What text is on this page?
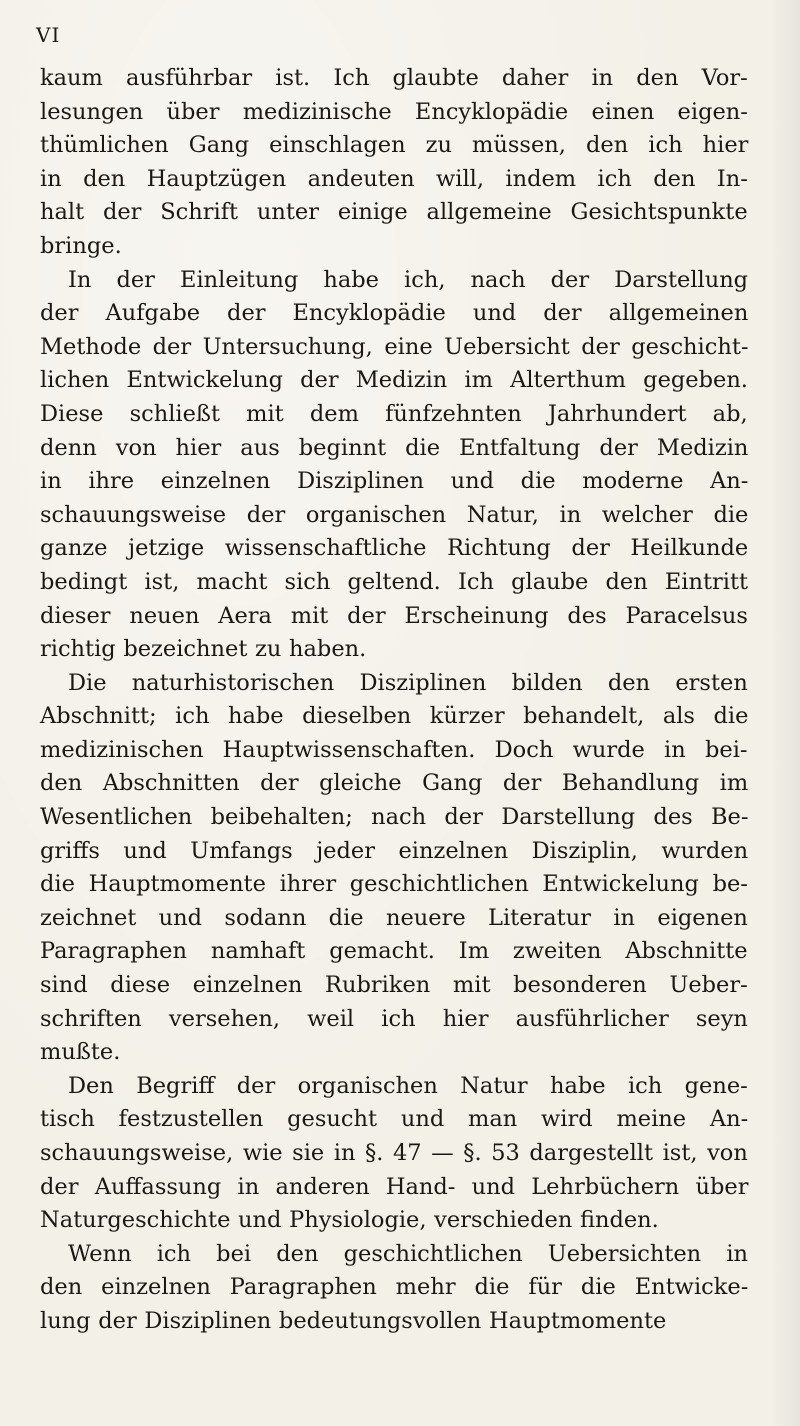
VI

kaum ausführbar ist. Ich glaubte daher in den Vor-
lesungen über medizinische Encyklopädie einen eigen-
thümlichen Gang einschlagen zu müssen, den ich hier
in den Hauptzügen andeuten will, indem ich den In-
halt der Schrift unter einige allgemeine Gesichtspunkte
bringe.

In der Einleitung habe ich, nach der Darstellung
der Aufgabe der Encyklopädie und der allgemeinen
Methode der Untersuchung, eine Uebersicht der geschicht-
lichen Entwickelung der Medizin im Alterthum gegeben.
Diese schließt mit dem fünfzehnten Jahrhundert ab,
denn von hier aus beginnt die Entfaltung der Medizin
in ihre einzelnen Disziplinen und die moderne An-
schauungsweise der organischen Natur, in welcher die
ganze jetzige wissenschaftliche Richtung der Heilkunde
bedingt ist, macht sich geltend. Ich glaube den Eintritt
dieser neuen Aera mit der Erscheinung des Paracelsus
richtig bezeichnet zu haben.

Die naturhistorischen Disziplinen bilden den ersten
Abschnitt; ich habe dieselben kürzer behandelt, als die
medizinischen Hauptwissenschaften. Doch wurde in bei-
den Abschnitten der gleiche Gang der Behandlung im
Wesentlichen beibehalten; nach der Darstellung des Be-
griffs und Umfangs jeder einzelnen Disziplin, wurden
die Hauptmomente ihrer geschichtlichen Entwickelung be-
zeichnet und sodann die neuere Literatur in eigenen
Paragraphen namhaft gemacht. Im zweiten Abschnitte
sind diese einzelnen Rubriken mit besonderen Ueber-
schriften versehen, weil ich hier ausführlicher seyn
mußte.

Den Begriff der organischen Natur habe ich gene-
tisch festzustellen gesucht und man wird meine An-
schauungsweise, wie sie in §. 47 — §. 53 dargestellt ist, von
der Auffassung in anderen Hand- und Lehrbüchern über
Naturgeschichte und Physiologie, verschieden finden.

Wenn ich bei den geschichtlichen Uebersichten in
den einzelnen Paragraphen mehr die für die Entwicke-
lung der Disziplinen bedeutungsvollen Hauptmomente
